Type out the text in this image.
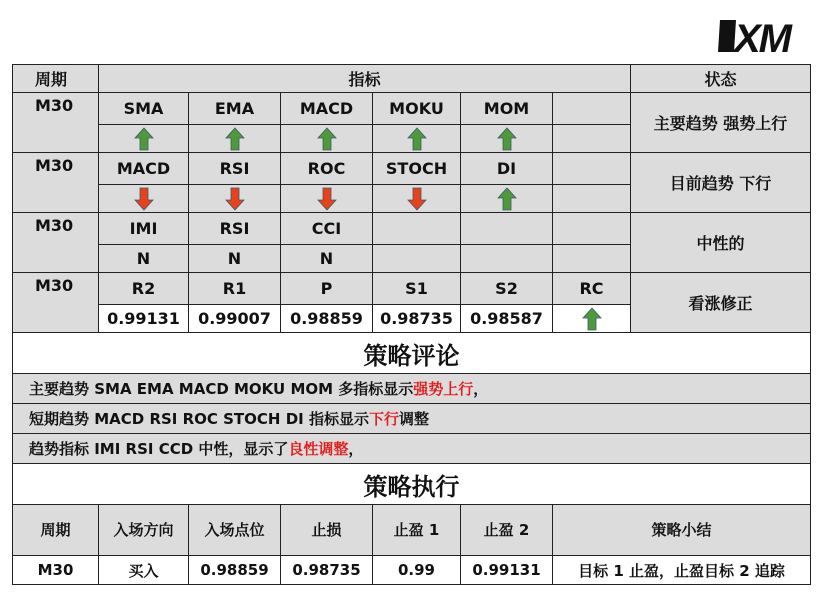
XM
周期	指标						状态
M30	SMA	EMA	MACD	MOKU	MOM		主要趋势 强势上行

M30	MACD	RSI	ROC	STOCH	DI		目前趋势 下行

M30	IMI	RSI	CCI				中性的
	N	N	N				
M30	R2	R1	P	S1	S2	RC	看涨修正
	0.99131	0.99007	0.98859	0.98735	0.98587	
策略评论							
主要趋势 SMA EMA MACD MOKU MOM 多指标显示强势上行，							
短期趋势 MACD RSI ROC STOCH DI 指标显示下行调整							
趋势指标 IMI RSI CCD 中性，显示了良性调整，							
策略执行							
周期	入场方向	入场点位	止损	止盈 1	止盈 2	策略小结	
M30	买入	0.98859	0.98735	0.99	0.99131	目标 1 止盈，止盈目标 2 追踪	
